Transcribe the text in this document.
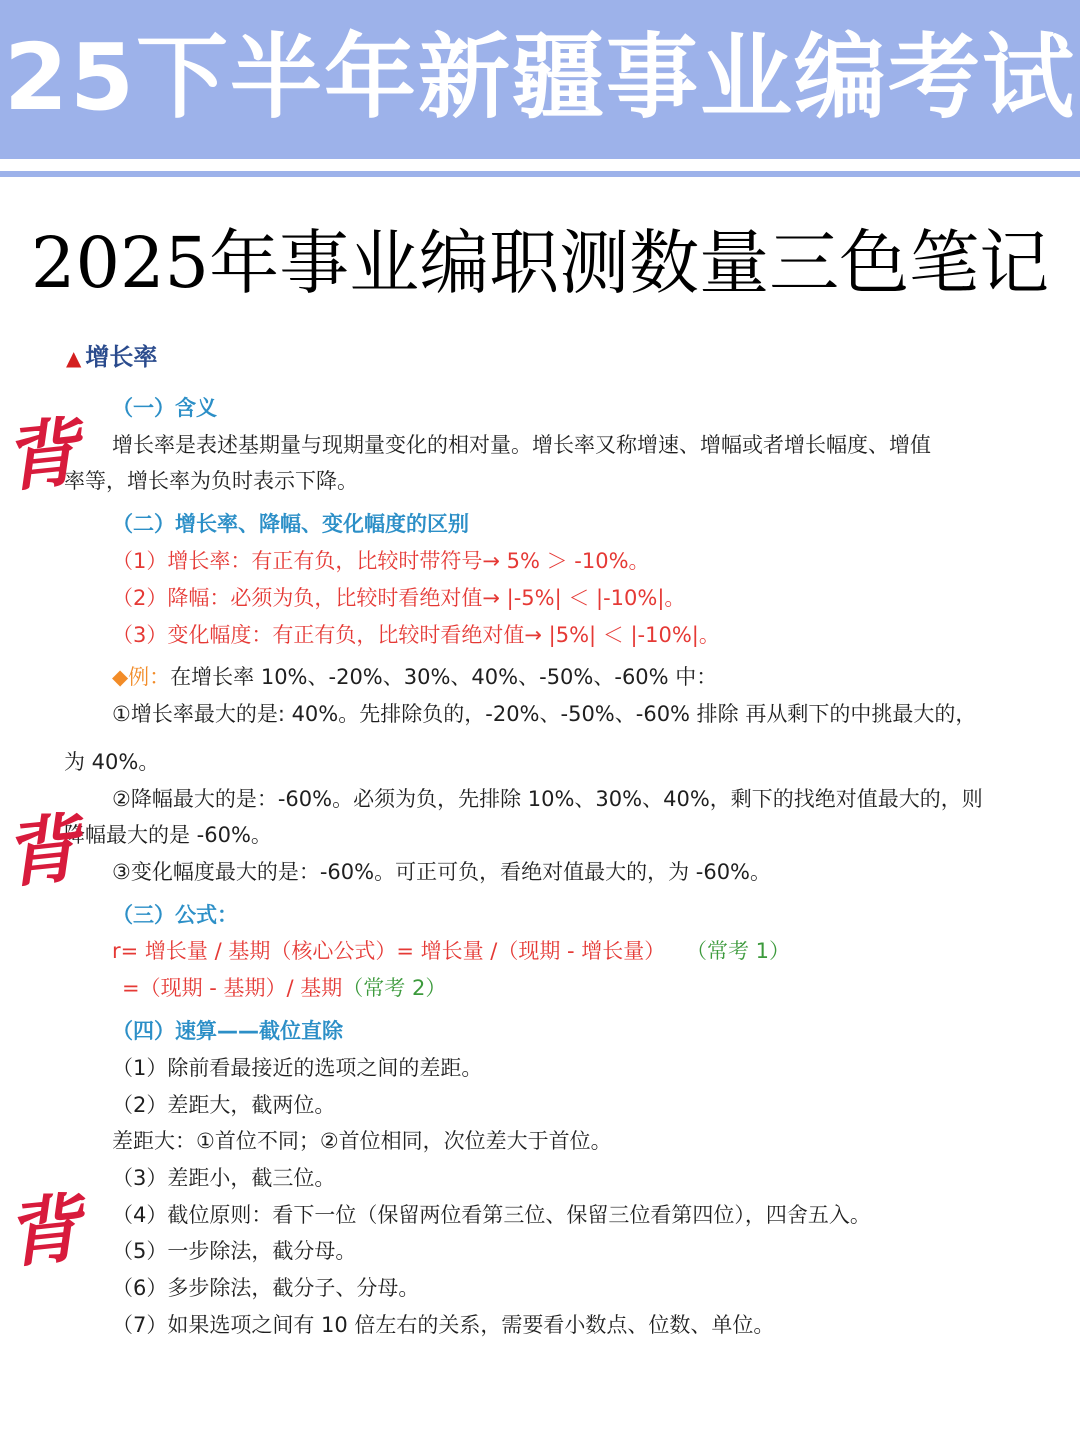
25下半年新疆事业编考试
2025年事业编职测数量三色笔记
▲ 增长率
（一）含义
增长率是表述基期量与现期量变化的相对量。增长率又称增速、增幅或者增长幅度、增值
率等，增长率为负时表示下降。
（二）增长率、降幅、变化幅度的区别
（1）增长率：有正有负，比较时带符号→ 5% ＞ -10%。
（2）降幅：必须为负，比较时看绝对值→ |-5%| ＜ |-10%|。
（3）变化幅度：有正有负，比较时看绝对值→ |5%| ＜ |-10%|。
◆例：在增长率 10%、-20%、30%、40%、-50%、-60% 中：
①增长率最大的是: 40%。先排除负的，-20%、-50%、-60% 排除 再从剩下的中挑最大的，
为 40%。
②降幅最大的是：-60%。必须为负，先排除 10%、30%、40%，剩下的找绝对值最大的，则
降幅最大的是 -60%。
③变化幅度最大的是：-60%。可正可负，看绝对值最大的，为 -60%。
（三）公式：
r= 增长量 / 基期（核心公式）= 增长量 /（现期 - 增长量） （常考 1）
=（现期 - 基期）/ 基期（常考 2）
（四）速算——截位直除
（1）除前看最接近的选项之间的差距。
（2）差距大，截两位。
差距大：①首位不同；②首位相同，次位差大于首位。
（3）差距小，截三位。
（4）截位原则：看下一位（保留两位看第三位、保留三位看第四位），四舍五入。
（5）一步除法，截分母。
（6）多步除法，截分子、分母。
（7）如果选项之间有 10 倍左右的关系，需要看小数点、位数、单位。
背
背
背
